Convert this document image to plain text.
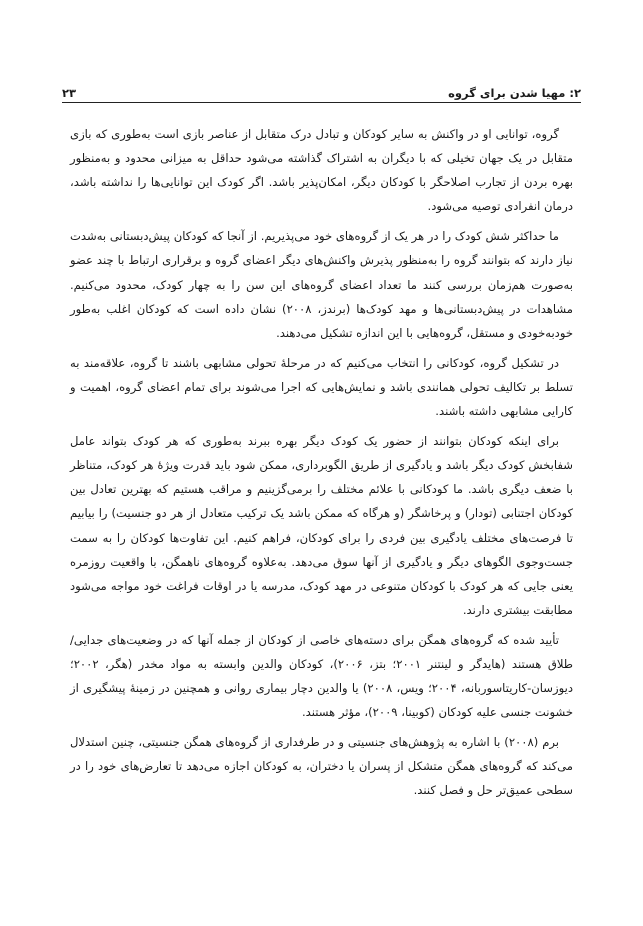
۲: مهیا شدن برای گروه
۲۳

گروه، توانایی او در واکنش به سایر کودکان و تبادل درک متقابل از عناصر بازی است به‌طوری که بازی متقابل در یک جهان تخیلی که با دیگران به اشتراک گذاشته می‌شود حداقل به میزانی محدود و به‌منظور بهره بردن از تجارب اصلاحگر با کودکان دیگر، امکان‌پذیر باشد. اگر کودک این توانایی‌ها را نداشته باشد، درمان انفرادی توصیه می‌شود.

ما حداکثر شش کودک را در هر یک از گروه‌های خود می‌پذیریم. از آنجا که کودکان پیش‌دبستانی به‌شدت نیاز دارند که بتوانند گروه را به‌منظور پذیرش واکنش‌های دیگر اعضای گروه و برقراری ارتباط با چند عضو به‌صورت هم‌زمان بررسی کنند ما تعداد اعضای گروه‌های این سن را به چهار کودک، محدود می‌کنیم. مشاهدات در پیش‌دبستانی‌ها و مهد کودک‌ها (برندز، ۲۰۰۸) نشان داده است که کودکان اغلب به‌طور خودبه‌خودی و مستقل، گروه‌هایی با این اندازه تشکیل می‌دهند.

در تشکیل گروه، کودکانی را انتخاب می‌کنیم که در مرحلهٔ تحولی مشابهی باشند تا گروه، علاقه‌مند به تسلط بر تکالیف تحولی همانندی باشد و نمایش‌هایی که اجرا می‌شوند برای تمام اعضای گروه، اهمیت و کارایی مشابهی داشته باشند.

برای اینکه کودکان بتوانند از حضور یک کودک دیگر بهره ببرند به‌طوری که هر کودک بتواند عامل شفابخش کودک دیگر باشد و یادگیری از طریق الگوبرداری، ممکن شود باید قدرت ویژهٔ هر کودک، متناظر با ضعف دیگری باشد. ما کودکانی با علائم مختلف را برمی‌گزینیم و مراقب هستیم که بهترین تعادل بین کودکان اجتنابی (تودار) و پرخاشگر (و هرگاه که ممکن باشد یک ترکیب متعادل از هر دو جنسیت) را بیابیم تا فرصت‌های مختلف یادگیری بین فردی را برای کودکان، فراهم کنیم. این تفاوت‌ها کودکان را به سمت جست‌وجوی الگوهای دیگر و یادگیری از آنها سوق می‌دهد. به‌علاوه گروه‌های ناهمگن، با واقعیت روزمره یعنی جایی که هر کودک با کودکان متنوعی در مهد کودک، مدرسه یا در اوقات فراغت خود مواجه می‌شود مطابقت بیشتری دارند.

تأیید شده که گروه‌های همگن برای دسته‌های خاصی از کودکان از جمله آنها که در وضعیت‌های جدایی/طلاق هستند (هایدگر و لینتنر ۲۰۰۱؛ بتز، ۲۰۰۶)، کودکان والدین وابسته به مواد مخدر (هگر، ۲۰۰۲؛ دیوزسان-کاریتاسوربانه، ۲۰۰۴؛ ویس، ۲۰۰۸) یا والدین دچار بیماری روانی و همچنین در زمینهٔ پیشگیری از خشونت جنسی علیه کودکان (کوبینا، ۲۰۰۹)، مؤثر هستند.

برم (۲۰۰۸) با اشاره به پژوهش‌های جنسیتی و در طرفداری از گروه‌های همگن جنسیتی، چنین استدلال می‌کند که گروه‌های همگن متشکل از پسران یا دختران، به کودکان اجازه می‌دهد تا تعارض‌های خود را در سطحی عمیق‌تر حل و فصل کنند.
